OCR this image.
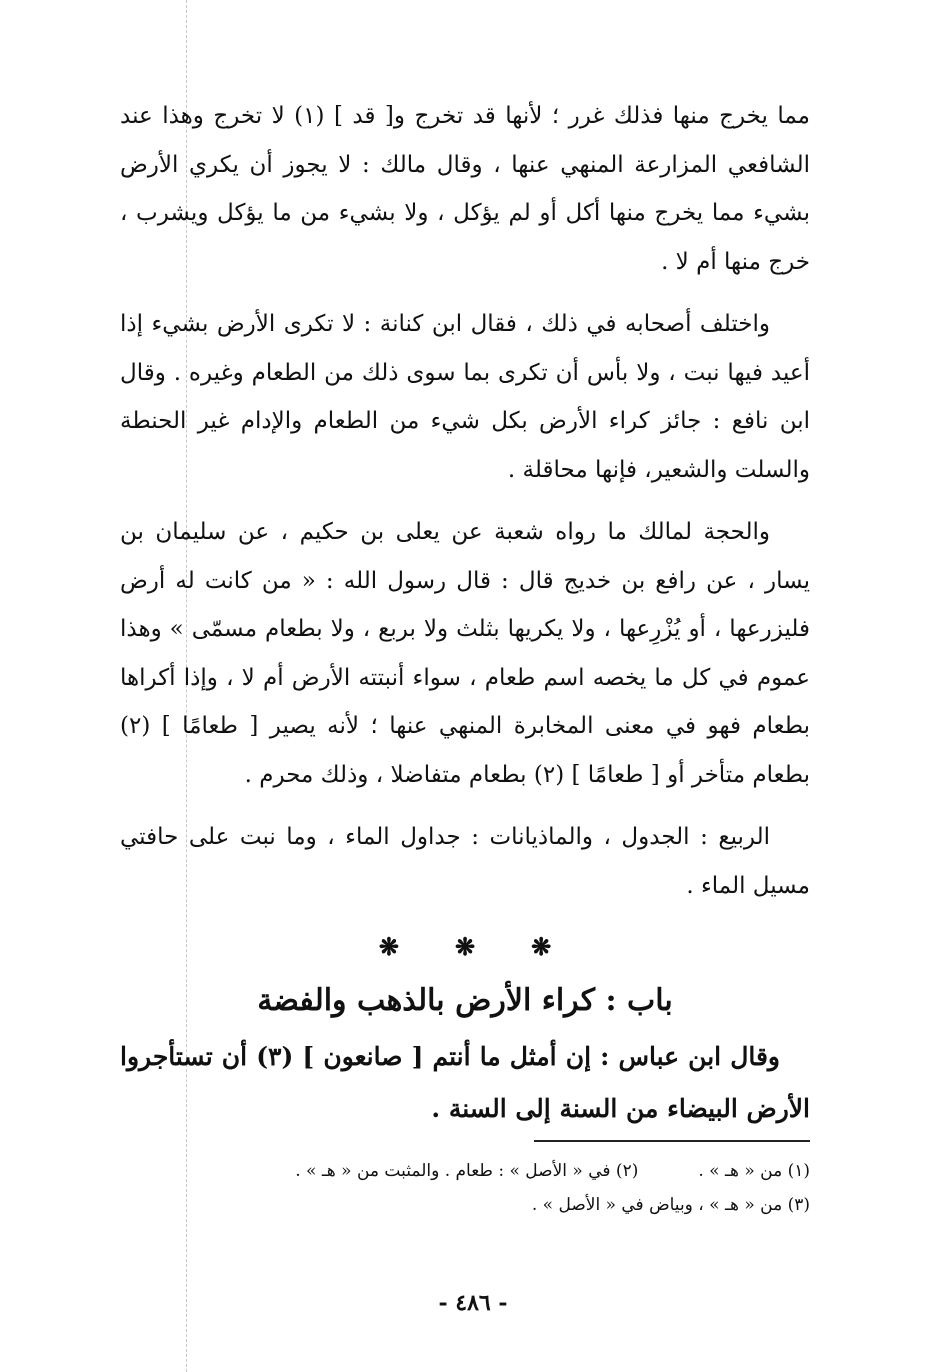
مما يخرج منها فذلك غرر ؛ لأنها قد تخرج و[ قد ] (١) لا تخرج وهذا عند الشافعي المزارعة المنهي عنها ، وقال مالك : لا يجوز أن يكري الأرض بشيء مما يخرج منها أكل أو لم يؤكل ، ولا بشيء من ما يؤكل ويشرب ، خرج منها أم لا .

واختلف أصحابه في ذلك ، فقال ابن كنانة : لا تكرى الأرض بشيء إذا أعيد فيها نبت ، ولا بأس أن تكرى بما سوى ذلك من الطعام وغيره . وقال ابن نافع : جائز كراء الأرض بكل شيء من الطعام والإدام غير الحنطة والسلت والشعير، فإنها محاقلة .

والحجة لمالك ما رواه شعبة عن يعلى بن حكيم ، عن سليمان بن يسار ، عن رافع بن خديج قال : قال رسول الله : « من كانت له أرض فليزرعها ، أو يُزْرِعها ، ولا يكريها بثلث ولا بربع ، ولا بطعام مسمّى » وهذا عموم في كل ما يخصه اسم طعام ، سواء أنبتته الأرض أم لا ، وإذا أكراها بطعام فهو في معنى المخابرة المنهي عنها ؛ لأنه يصير [ طعامًا ] (٢) بطعام متأخر أو [ طعامًا ] (٢) بطعام متفاضلا ، وذلك محرم .

الربيع : الجدول ، والماذيانات : جداول الماء ، وما نبت على حافتي مسيل الماء .

❋
❋
❋
باب : كراء الأرض بالذهب والفضة

وقال ابن عباس : إن أمثل ما أنتم [ صانعون ] (٣) أن تستأجروا الأرض البيضاء من السنة إلى السنة .

(١) من « هـ » .
(٢) في « الأصل » : طعام . والمثبت من « هـ » .
(٣) من « هـ » ، وبياض في « الأصل » .
- ٤٨٦ -
